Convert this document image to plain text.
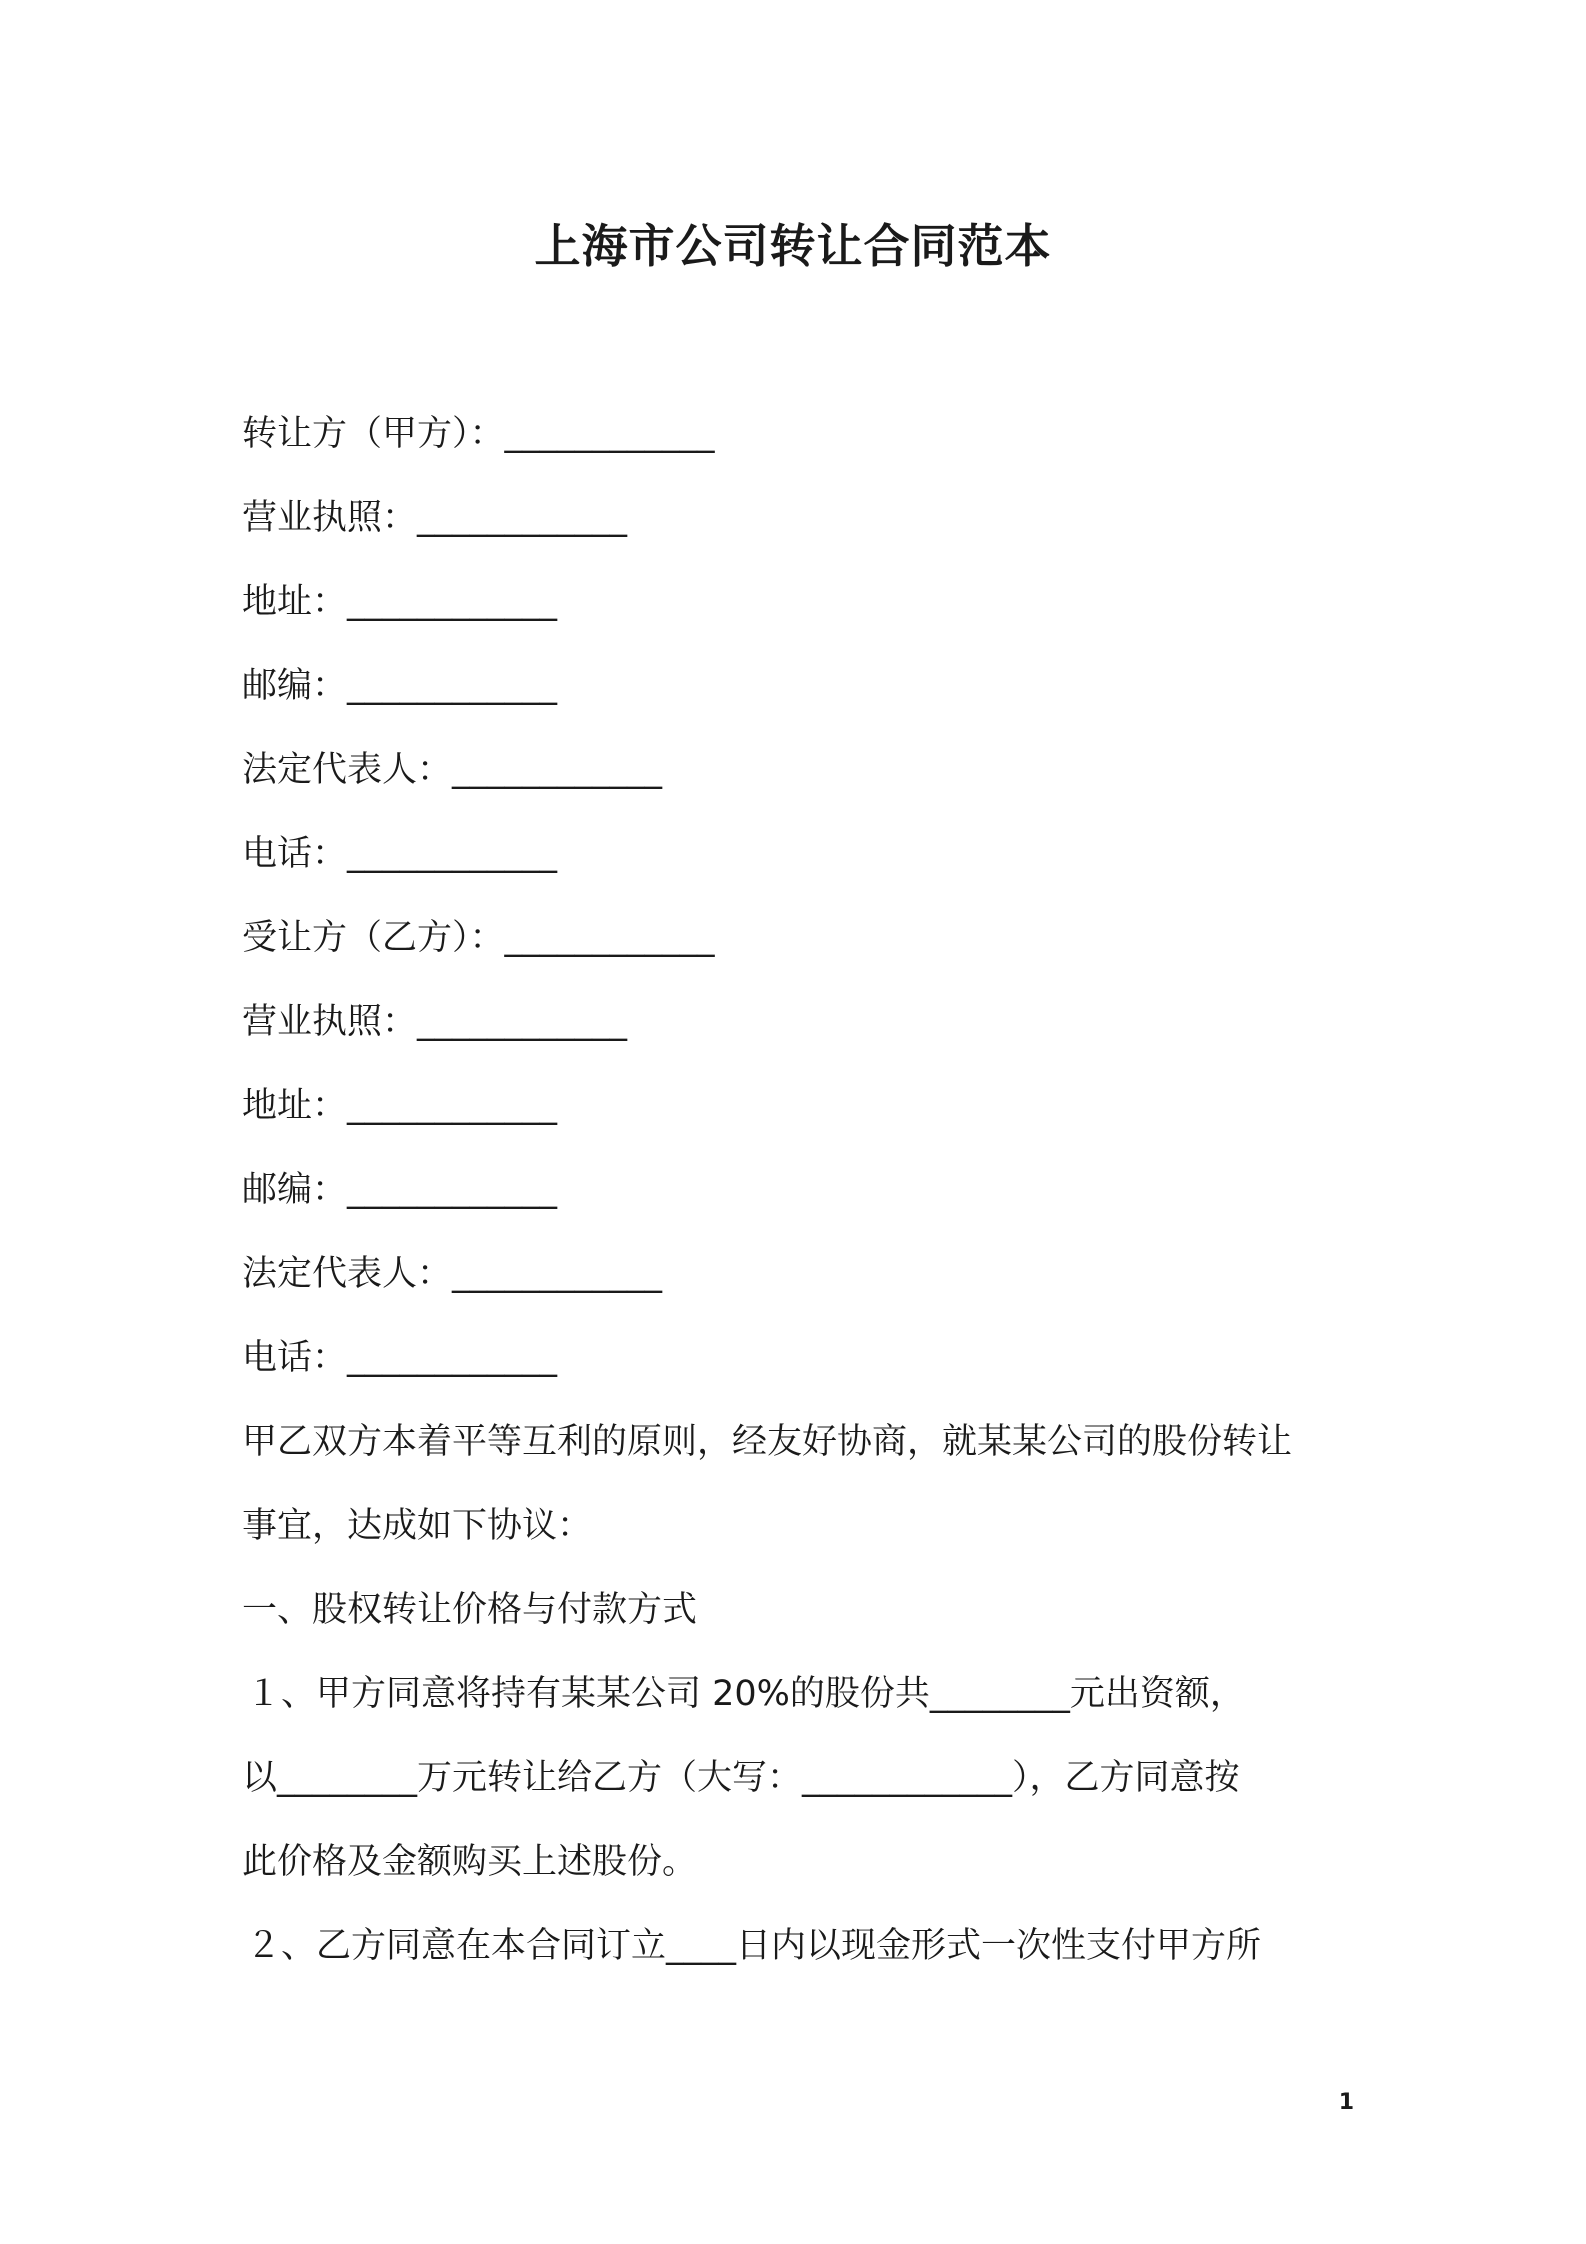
上海市公司转让合同范本
转让方（甲方）：____________
营业执照：____________
地址：____________
邮编：____________
法定代表人：____________
电话：____________
受让方（乙方）：____________
营业执照：____________
地址：____________
邮编：____________
法定代表人：____________
电话：____________
甲乙双方本着平等互利的原则，经友好协商，就某某公司的股份转让
事宜，达成如下协议：
一、股权转让价格与付款方式
１、甲方同意将持有某某公司 20%的股份共________元出资额，
以________万元转让给乙方（大写：____________），乙方同意按
此价格及金额购买上述股份。
２、乙方同意在本合同订立____日内以现金形式一次性支付甲方所
1
